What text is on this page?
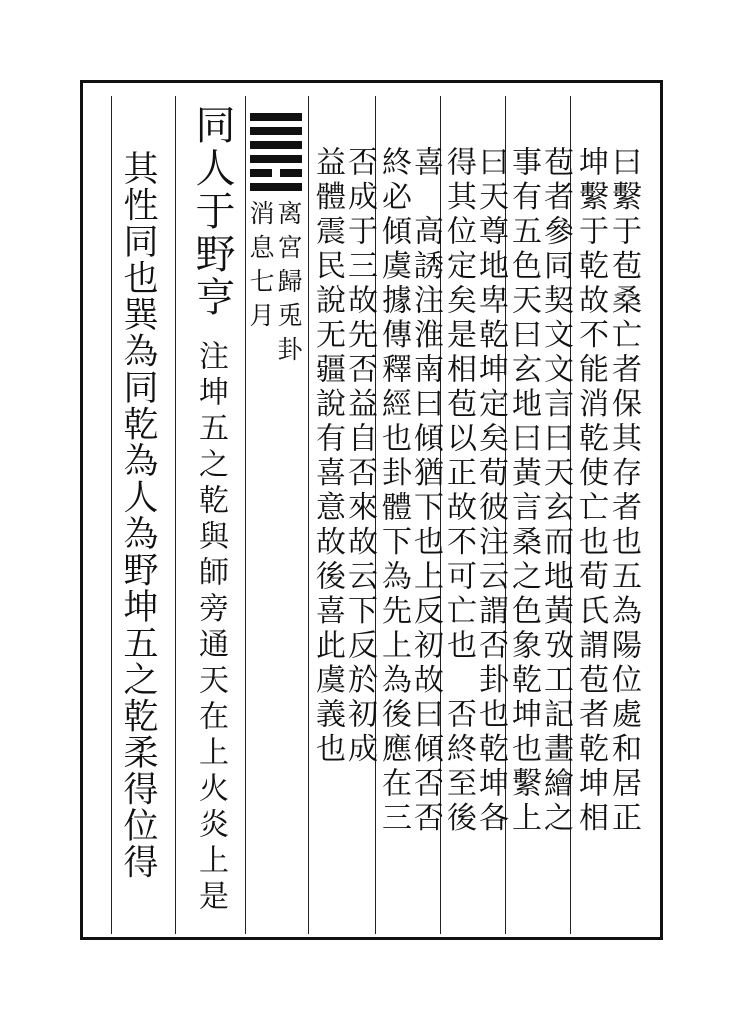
曰繫于苞桑亡者保其存者也五為陽位處和居正
坤繫于乾故不能消乾使亡也荀氏謂苞者乾坤相
苞者參同契文文言曰天玄而地黃攷工記畫繪之
事有五色天曰玄地曰黃言桑之色象乾坤也繫上
曰天尊地卑乾坤定矣荀彼注云謂否卦也乾坤各
得其位定矣是相苞以正故不可亡也　否終至後
喜　高誘注淮南曰傾猶下也上反初故曰傾否否
終必傾虞據傳釋經也卦體下為先上為後應在三
否成于三故先否益自否來故云下反於初成
益體震民說无疆說有喜意故後喜此虞義也
离宮歸兎卦
消息七月
同人于野亨
注坤五之乾與師旁通天在上火炎上是
其性同也巽為同乾為人為野坤五之乾柔得位得
